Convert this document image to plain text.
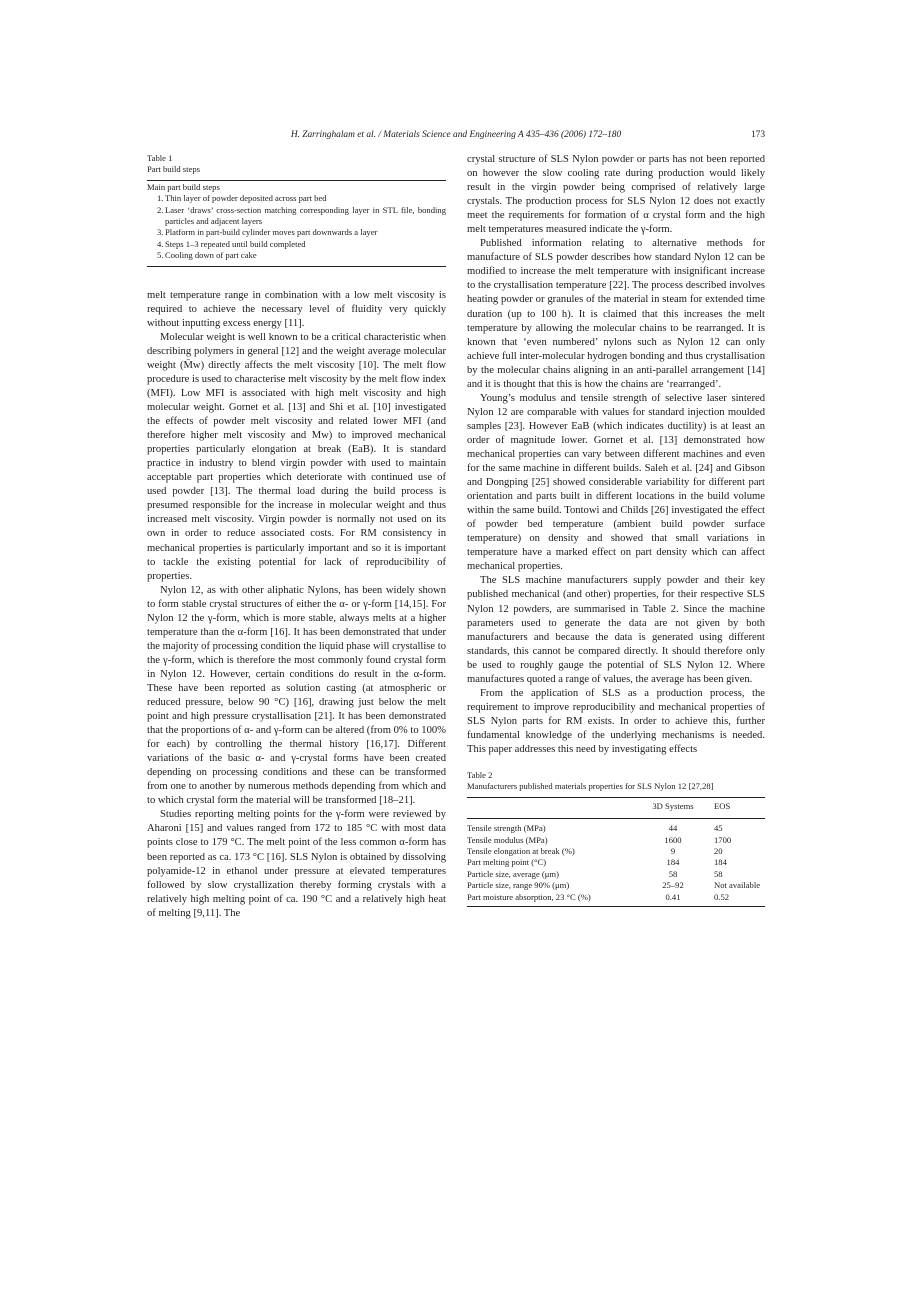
H. Zarringhalam et al. / Materials Science and Engineering A 435–436 (2006) 172–180	173

Table 1

Part build steps

Main part build steps
1. Thin layer of powder deposited across part bed
2. Laser ‘draws’ cross-section matching corresponding layer in STL file, bonding particles and adjacent layers
3. Platform in part-build cylinder moves part downwards a layer
4. Steps 1–3 repeated until build completed
5. Cooling down of part cake

melt temperature range in combination with a low melt viscosity is required to achieve the necessary level of fluidity very quickly without inputting excess energy [11].

Molecular weight is well known to be a critical characteristic when describing polymers in general [12] and the weight average molecular weight (M̄w) directly affects the melt viscosity [10]. The melt flow procedure is used to characterise melt viscosity by the melt flow index (MFI). Low MFI is associated with high melt viscosity and high molecular weight. Gornet et al. [13] and Shi et al. [10] investigated the effects of powder melt viscosity and related lower MFI (and therefore higher melt viscosity and Mw) to improved mechanical properties particularly elongation at break (EaB). It is standard practice in industry to blend virgin powder with used to maintain acceptable part properties which deteriorate with continued use of used powder [13]. The thermal load during the build process is presumed responsible for the increase in molecular weight and thus increased melt viscosity. Virgin powder is normally not used on its own in order to reduce associated costs. For RM consistency in mechanical properties is particularly important and so it is important to tackle the existing potential for lack of reproducibility of properties.

Nylon 12, as with other aliphatic Nylons, has been widely shown to form stable crystal structures of either the α- or γ-form [14,15]. For Nylon 12 the γ-form, which is more stable, always melts at a higher temperature than the α-form [16]. It has been demonstrated that under the majority of processing condition the liquid phase will crystallise to the γ-form, which is therefore the most commonly found crystal form in Nylon 12. However, certain conditions do result in the α-form. These have been reported as solution casting (at atmospheric or reduced pressure, below 90 °C) [16], drawing just below the melt point and high pressure crystallisation [21]. It has been demonstrated that the proportions of α- and γ-form can be altered (from 0% to 100% for each) by controlling the thermal history [16,17]. Different variations of the basic α- and γ-crystal forms have been created depending on processing conditions and these can be transformed from one to another by numerous methods depending from which and to which crystal form the material will be transformed [18–21].

Studies reporting melting points for the γ-form were reviewed by Aharoni [15] and values ranged from 172 to 185 °C with most data points close to 179 °C. The melt point of the less common α-form has been reported as ca. 173 °C [16]. SLS Nylon is obtained by dissolving polyamide-12 in ethanol under pressure at elevated temperatures followed by slow crystallization thereby forming crystals with a relatively high melting point of ca. 190 °C and a relatively high heat of melting [9,11]. The

crystal structure of SLS Nylon powder or parts has not been reported on however the slow cooling rate during production would likely result in the virgin powder being comprised of relatively large crystals. The production process for SLS Nylon 12 does not exactly meet the requirements for formation of α crystal form and the high melt temperatures measured indicate the γ-form.

Published information relating to alternative methods for manufacture of SLS powder describes how standard Nylon 12 can be modified to increase the melt temperature with insignificant increase to the crystallisation temperature [22]. The process described involves heating powder or granules of the material in steam for extended time duration (up to 100 h). It is claimed that this increases the melt temperature by allowing the molecular chains to be rearranged. It is known that ‘even numbered’ nylons such as Nylon 12 can only achieve full inter-molecular hydrogen bonding and thus crystallisation by the molecular chains aligning in an anti-parallel arrangement [14] and it is thought that this is how the chains are ‘rearranged’.

Young’s modulus and tensile strength of selective laser sintered Nylon 12 are comparable with values for standard injection moulded samples [23]. However EaB (which indicates ductility) is at least an order of magnitude lower. Gornet et al. [13] demonstrated how mechanical properties can vary between different machines and even for the same machine in different builds. Saleh et al. [24] and Gibson and Dongping [25] showed considerable variability for different part orientation and parts built in different locations in the build volume within the same build. Tontowi and Childs [26] investigated the effect of powder bed temperature (ambient build powder surface temperature) on density and showed that small variations in temperature have a marked effect on part density which can affect mechanical properties.

The SLS machine manufacturers supply powder and their key published mechanical (and other) properties, for their respective SLS Nylon 12 powders, are summarised in Table 2. Since the machine parameters used to generate the data are not given by both manufacturers and because the data is generated using different standards, this cannot be compared directly. It should therefore only be used to roughly gauge the potential of SLS Nylon 12. Where manufactures quoted a range of values, the average has been given.

From the application of SLS as a production process, the requirement to improve reproducibility and mechanical properties of SLS Nylon parts for RM exists. In order to achieve this, further fundamental knowledge of the underlying mechanisms is needed. This paper addresses this need by investigating effects

Table 2

Manufacturers published materials properties for SLS Nylon 12 [27,28]

	3D Systems	EOS
Tensile strength (MPa)	44	45
Tensile modulus (MPa)	1600	1700
Tensile elongation at break (%)	9	20
Part melting point (°C)	184	184
Particle size, average (μm)	58	58
Particle size, range 90% (μm)	25–92	Not available
Part moisture absorption, 23 °C (%)	0.41	0.52
